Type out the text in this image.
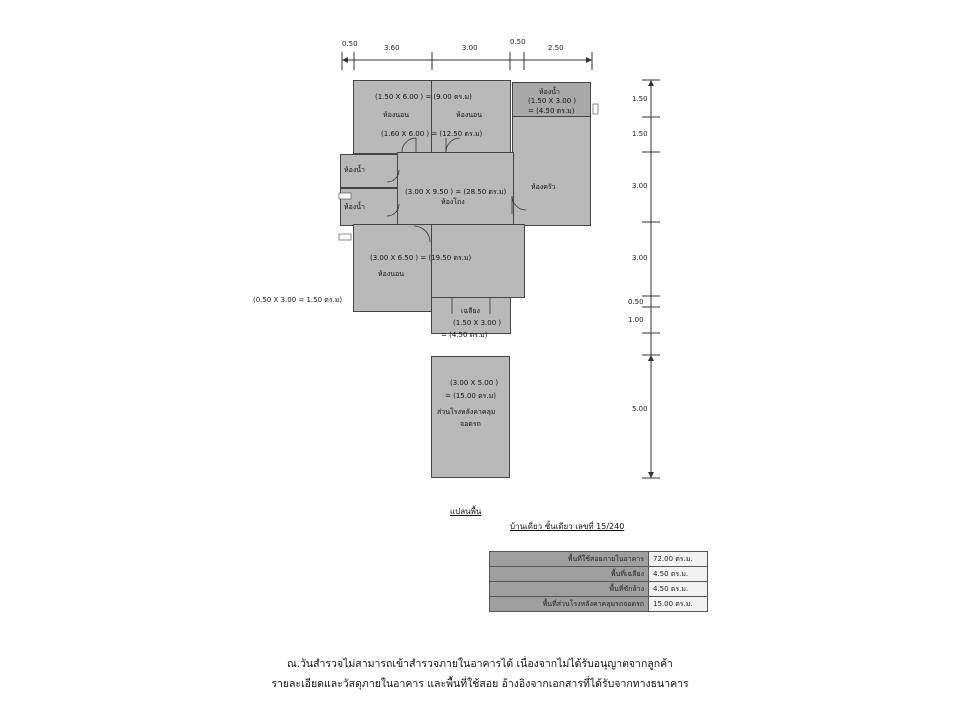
0.50	3.60	3.00
0.50
2.50
1.50
1.50
3.00
3.00
0.50
1.00
5.00
(1.50 X 6.00 ) = (9.00 ตร.ม)
ห้องนอน	ห้องนอน
(1.60 X 6.00 ) = (12.50 ตร.ม)
ห้องน้ำ
(1.50 X 3.00 )
= (4.50 ตร.ม)
ห้องครัว
ห้องน้ำ
ห้องน้ำ
(3.00 X 9.50 ) = (28.50 ตร.ม)
ห้องโถง
(3.00 X 6.50 ) = (19.50 ตร.ม)
ห้องนอน
เฉลียง
(1.50 X 3.00 )
= (4.50 ตร.ม)
(3.00 X 5.00 )
= (15.00 ตร.ม)
ส่วนโรงหลังคาคลุม
จอดรถ
(0.50 X 3.00 = 1.50 ตร.ม)
แปลนพื้น
บ้านเดี่ยว ชั้นเดียว เลขที่ 15/240
พื้นที่ใช้สอยภายในอาคาร	72.00 ตร.ม.
พื้นที่เฉลียง	4.50 ตร.ม.
พื้นที่ซักล้าง	4.50 ตร.ม.
พื้นที่ส่วนโรงหลังคาคลุมรถจอดรถ	15.00 ตร.ม.
ณ.วันสำรวจไม่สามารถเข้าสำรวจภายในอาคารได้ เนื่องจากไม่ได้รับอนุญาตจากลูกค้า
รายละเอียดและวัสดุภายในอาคาร และพื้นที่ใช้สอย อ้างอิงจากเอกสารที่ได้รับจากทางธนาคาร
